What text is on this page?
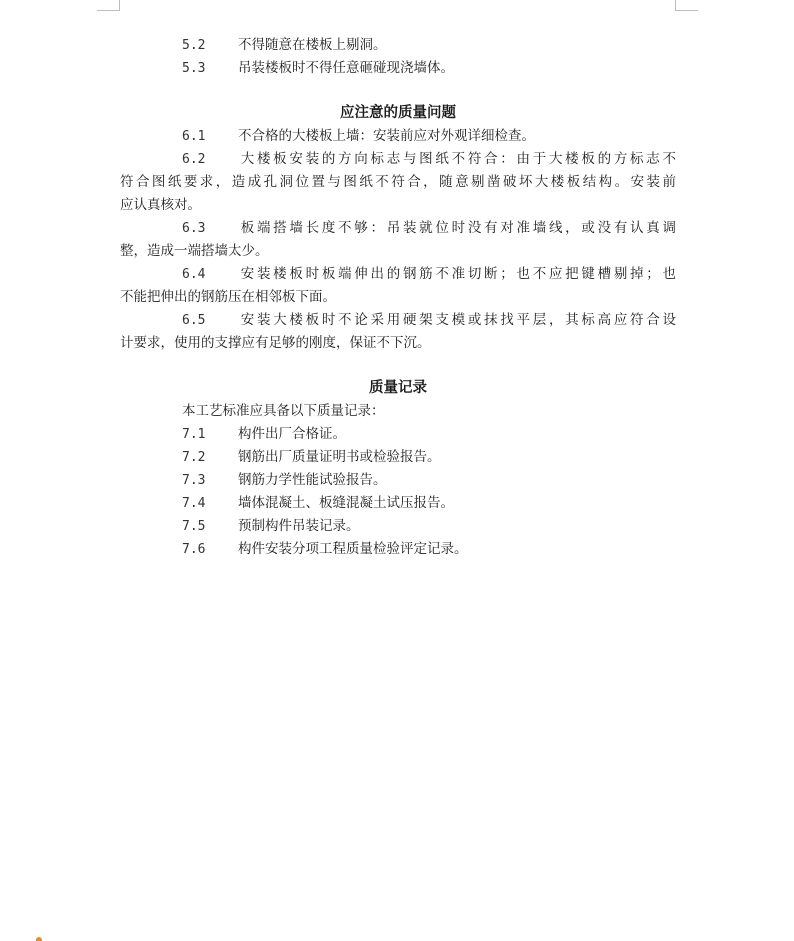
5.2 不得随意在楼板上剔洞。
5.3 吊装楼板时不得任意砸碰现浇墙体。
应注意的质量问题
6.1 不合格的大楼板上墙：安装前应对外观详细检查。
6.2 大楼板安装的方向标志与图纸不符合：由于大楼板的方标志不
符合图纸要求，造成孔洞位置与图纸不符合，随意剔凿破坏大楼板结构。安装前
应认真核对。
6.3 板端搭墙长度不够：吊装就位时没有对准墙线，或没有认真调
整，造成一端搭墙太少。
6.4 安装楼板时板端伸出的钢筋不准切断；也不应把键槽剔掉；也
不能把伸出的钢筋压在相邻板下面。
6.5 安装大楼板时不论采用硬架支模或抹找平层，其标高应符合设
计要求，使用的支撑应有足够的刚度，保证不下沉。
质量记录
本工艺标准应具备以下质量记录：
7.1 构件出厂合格证。
7.2 钢筋出厂质量证明书或检验报告。
7.3 钢筋力学性能试验报告。
7.4 墙体混凝土、板缝混凝土试压报告。
7.5 预制构件吊装记录。
7.6 构件安装分项工程质量检验评定记录。
